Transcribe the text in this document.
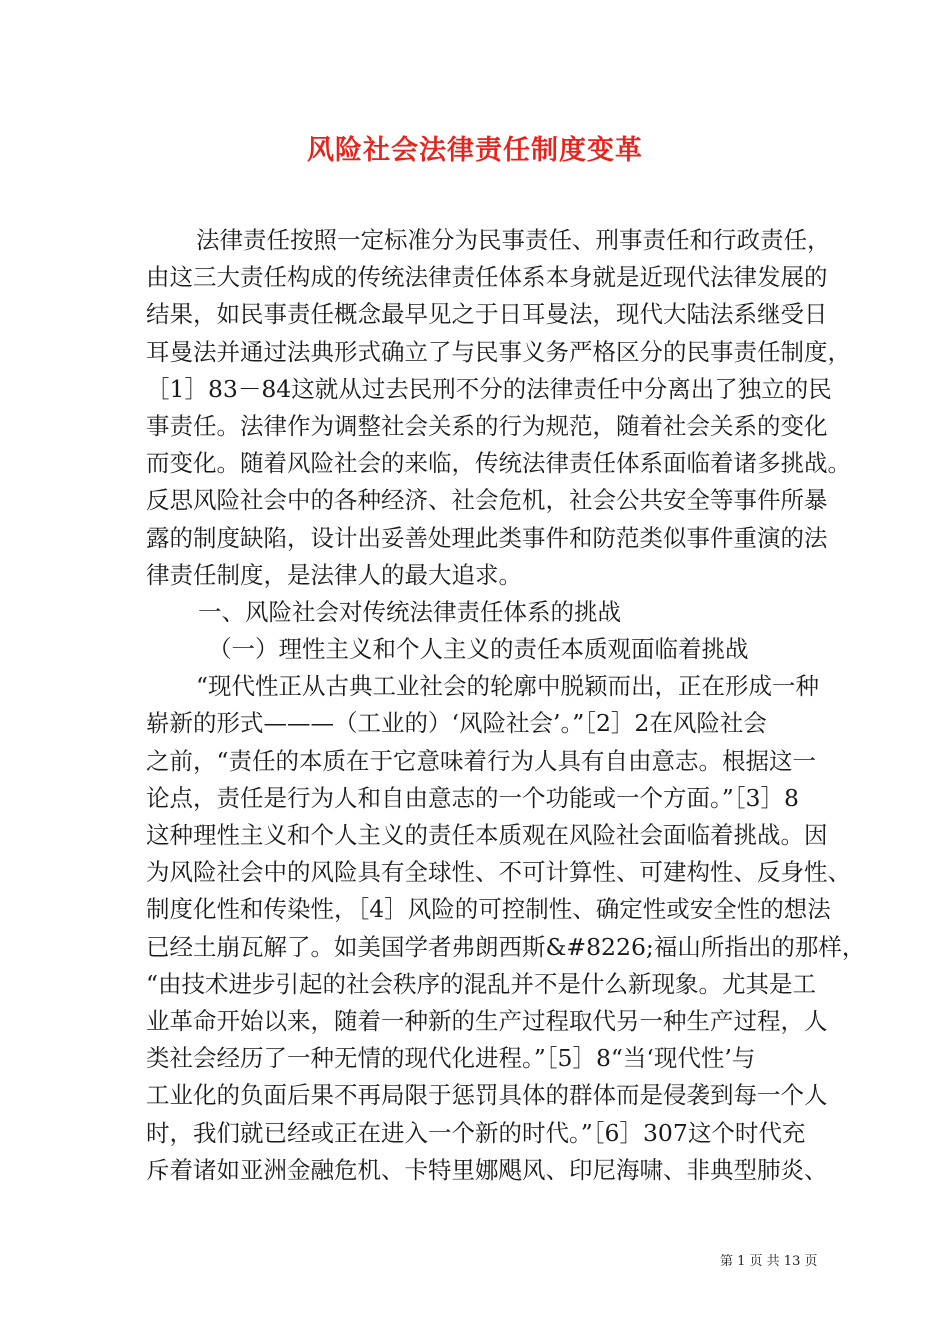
风险社会法律责任制度变革
法律责任按照一定标准分为民事责任、刑事责任和行政责任，
由这三大责任构成的传统法律责任体系本身就是近现代法律发展的
结果，如民事责任概念最早见之于日耳曼法，现代大陆法系继受日
耳曼法并通过法典形式确立了与民事义务严格区分的民事责任制度，
［1］83－84这就从过去民刑不分的法律责任中分离出了独立的民
事责任。法律作为调整社会关系的行为规范，随着社会关系的变化
而变化。随着风险社会的来临，传统法律责任体系面临着诸多挑战。
反思风险社会中的各种经济、社会危机，社会公共安全等事件所暴
露的制度缺陷，设计出妥善处理此类事件和防范类似事件重演的法
律责任制度，是法律人的最大追求。
一、风险社会对传统法律责任体系的挑战
（一）理性主义和个人主义的责任本质观面临着挑战
“现代性正从古典工业社会的轮廓中脱颖而出，正在形成一种
崭新的形式———（工业的）‘风险社会’。”［2］2在风险社会
之前，“责任的本质在于它意味着行为人具有自由意志。根据这一
论点，责任是行为人和自由意志的一个功能或一个方面。”［3］8
这种理性主义和个人主义的责任本质观在风险社会面临着挑战。因
为风险社会中的风险具有全球性、不可计算性、可建构性、反身性、
制度化性和传染性，［4］风险的可控制性、确定性或安全性的想法
已经土崩瓦解了。如美国学者弗朗西斯&#8226;福山所指出的那样，
“由技术进步引起的社会秩序的混乱并不是什么新现象。尤其是工
业革命开始以来，随着一种新的生产过程取代另一种生产过程，人
类社会经历了一种无情的现代化进程。”［5］8“当‘现代性’与
工业化的负面后果不再局限于惩罚具体的群体而是侵袭到每一个人
时，我们就已经或正在进入一个新的时代。”［6］307这个时代充
斥着诸如亚洲金融危机、卡特里娜飓风、印尼海啸、非典型肺炎、
第 1 页 共 13 页
